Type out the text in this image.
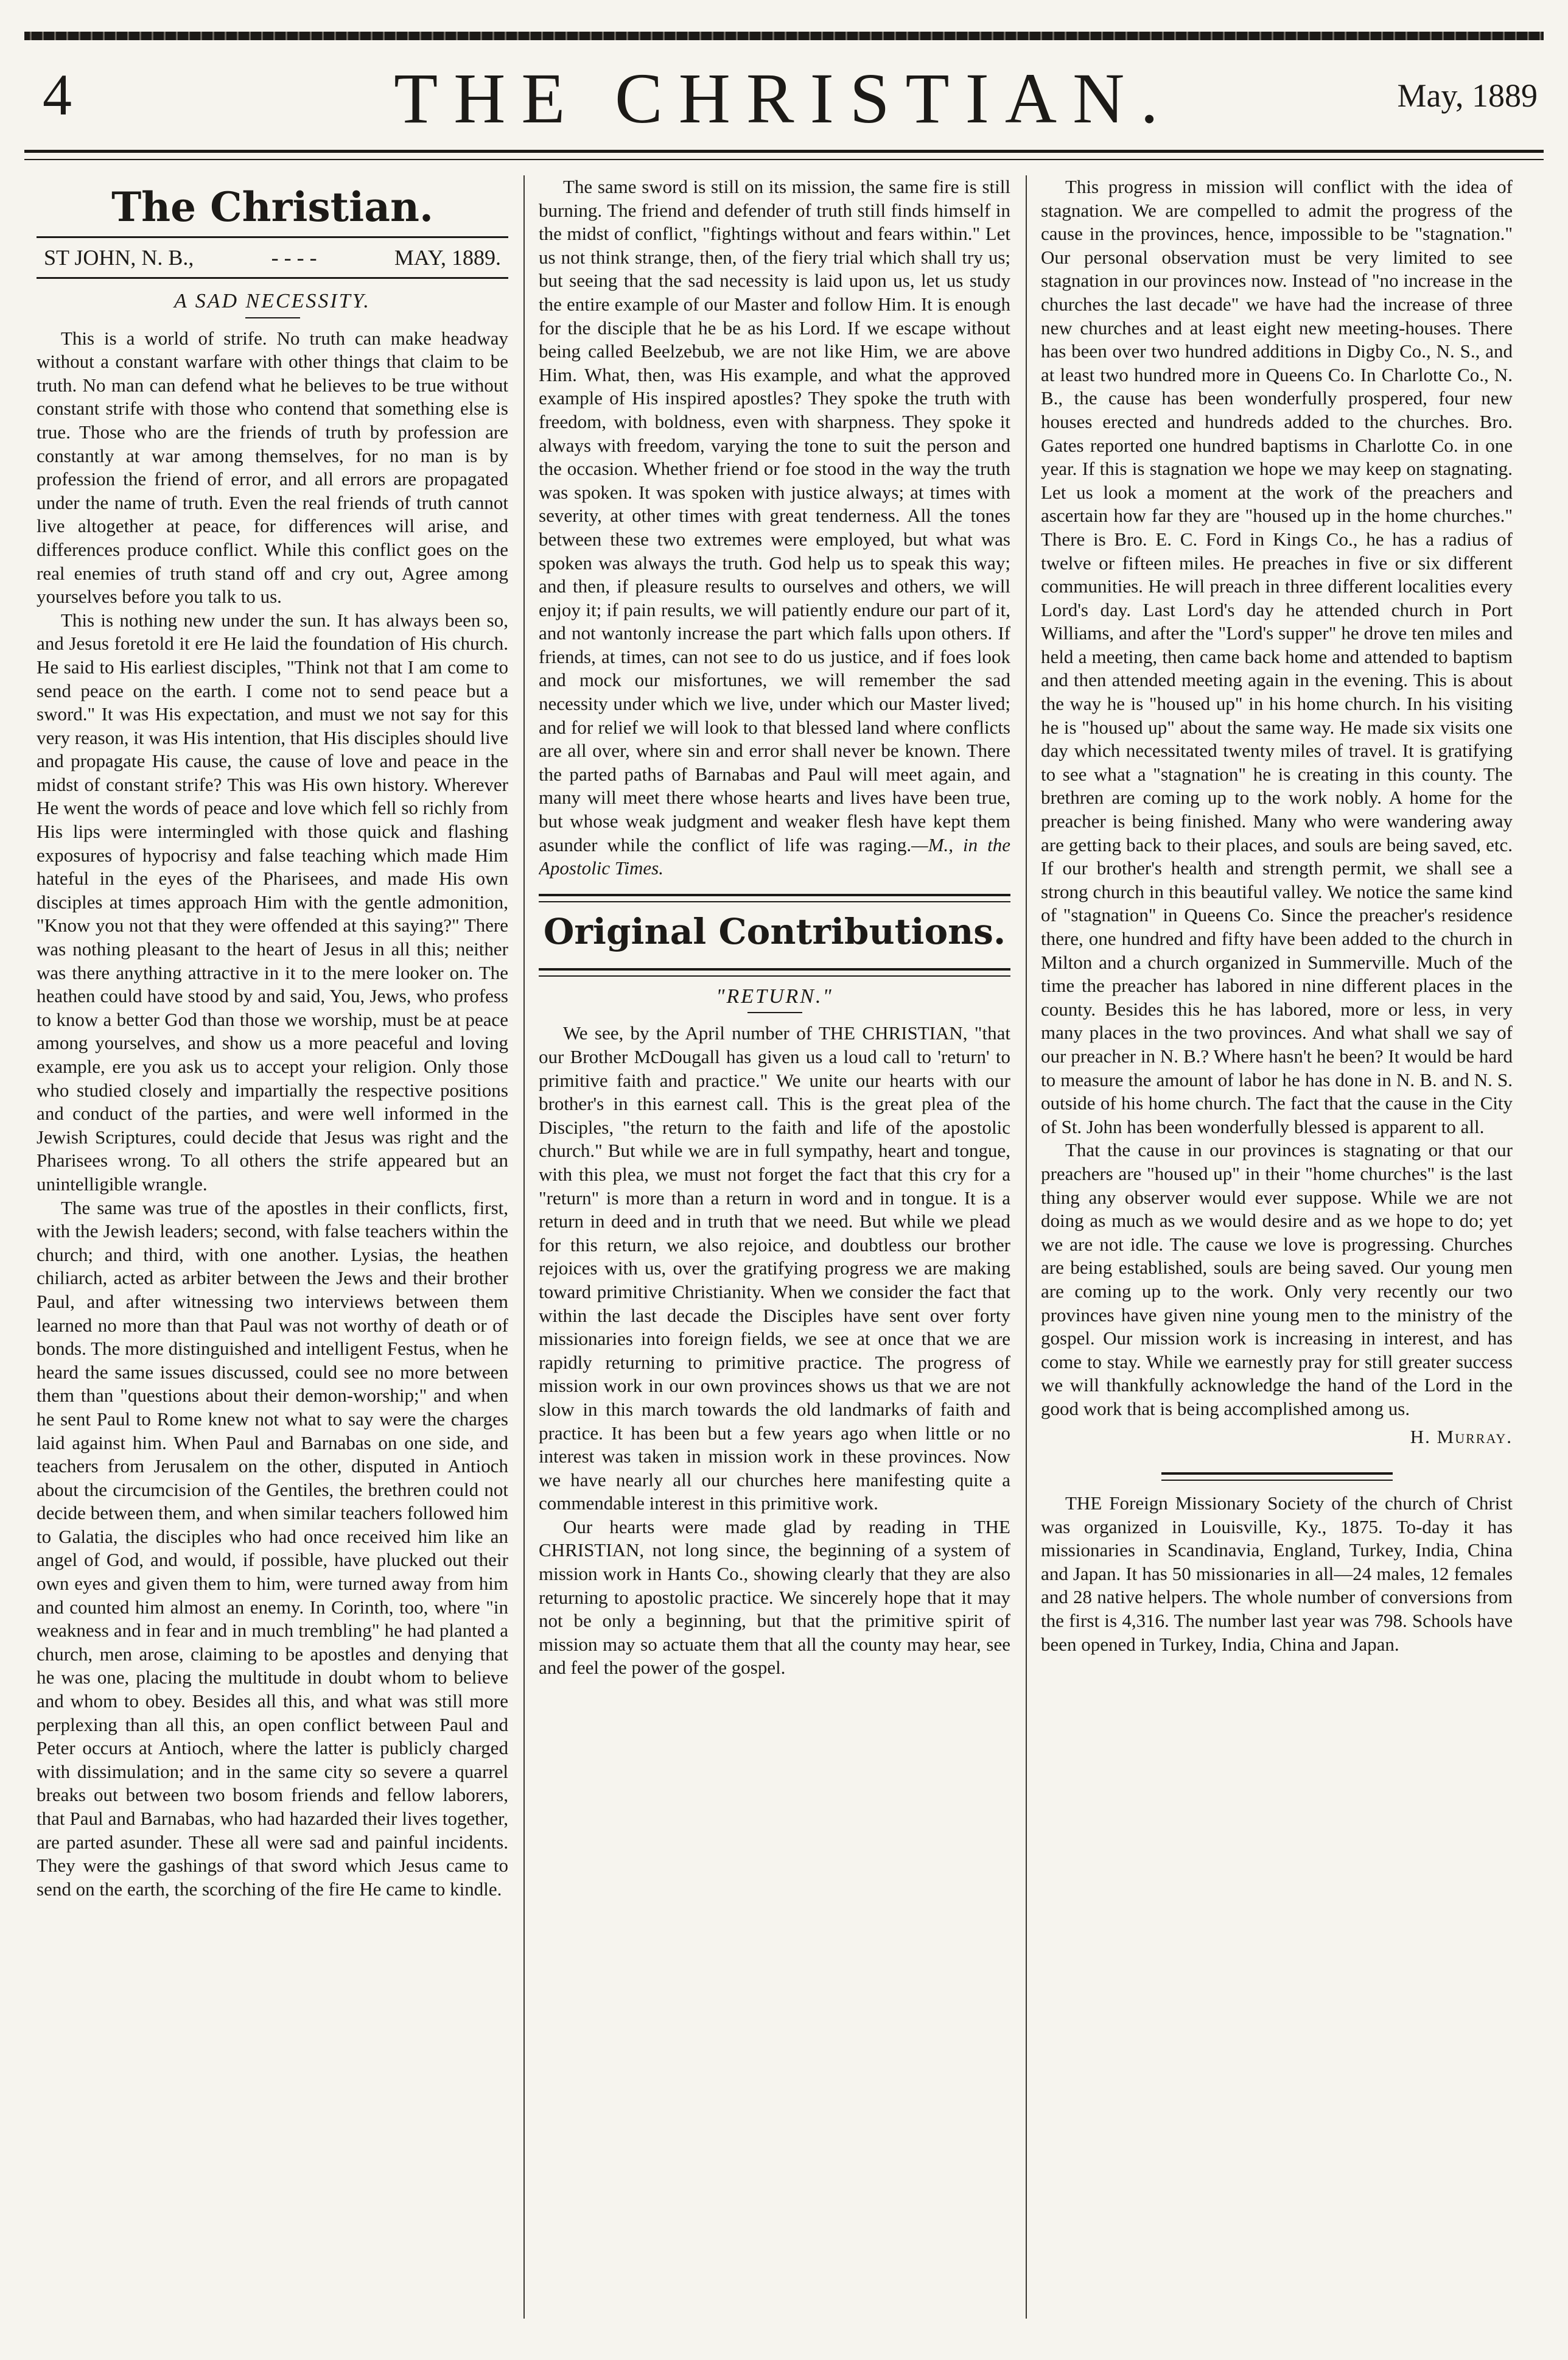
4	THE CHRISTIAN.	May, 1889
The Christian.
ST JOHN, N. B.,	- - - -	MAY, 1889.
A SAD NECESSITY.

This is a world of strife. No truth can make headway without a constant warfare with other things that claim to be truth. No man can defend what he believes to be true without constant strife with those who contend that something else is true. Those who are the friends of truth by profession are constantly at war among themselves, for no man is by profession the friend of error, and all errors are propagated under the name of truth. Even the real friends of truth cannot live altogether at peace, for differences will arise, and differences produce conflict. While this conflict goes on the real enemies of truth stand off and cry out, Agree among yourselves before you talk to us.

This is nothing new under the sun. It has always been so, and Jesus foretold it ere He laid the foundation of His church. He said to His earliest disciples, "Think not that I am come to send peace on the earth. I come not to send peace but a sword." It was His expectation, and must we not say for this very reason, it was His intention, that His disciples should live and propagate His cause, the cause of love and peace in the midst of constant strife? This was His own history. Wherever He went the words of peace and love which fell so richly from His lips were intermingled with those quick and flashing exposures of hypocrisy and false teaching which made Him hateful in the eyes of the Pharisees, and made His own disciples at times approach Him with the gentle admonition, "Know you not that they were offended at this saying?" There was nothing pleasant to the heart of Jesus in all this; neither was there anything attractive in it to the mere looker on. The heathen could have stood by and said, You, Jews, who profess to know a better God than those we worship, must be at peace among yourselves, and show us a more peaceful and loving example, ere you ask us to accept your religion. Only those who studied closely and impartially the respective positions and conduct of the parties, and were well informed in the Jewish Scriptures, could decide that Jesus was right and the Pharisees wrong. To all others the strife appeared but an unintelligible wrangle.

The same was true of the apostles in their conflicts, first, with the Jewish leaders; second, with false teachers within the church; and third, with one another. Lysias, the heathen chiliarch, acted as arbiter between the Jews and their brother Paul, and after witnessing two interviews between them learned no more than that Paul was not worthy of death or of bonds. The more distinguished and intelligent Festus, when he heard the same issues discussed, could see no more between them than "questions about their demon-worship;" and when he sent Paul to Rome knew not what to say were the charges laid against him. When Paul and Barnabas on one side, and teachers from Jerusalem on the other, disputed in Antioch about the circumcision of the Gentiles, the brethren could not decide between them, and when similar teachers followed him to Galatia, the disciples who had once received him like an angel of God, and would, if possible, have plucked out their own eyes and given them to him, were turned away from him and counted him almost an enemy. In Corinth, too, where "in weakness and in fear and in much trembling" he had planted a church, men arose, claiming to be apostles and denying that he was one, placing the multitude in doubt whom to believe and whom to obey. Besides all this, and what was still more perplexing than all this, an open conflict between Paul and Peter occurs at Antioch, where the latter is publicly charged with dissimulation; and in the same city so severe a quarrel breaks out between two bosom friends and fellow laborers, that Paul and Barnabas, who had hazarded their lives together, are parted asunder. These all were sad and painful incidents. They were the gashings of that sword which Jesus came to send on the earth, the scorching of the fire He came to kindle.

The same sword is still on its mission, the same fire is still burning. The friend and defender of truth still finds himself in the midst of conflict, "fightings without and fears within." Let us not think strange, then, of the fiery trial which shall try us; but seeing that the sad necessity is laid upon us, let us study the entire example of our Master and follow Him. It is enough for the disciple that he be as his Lord. If we escape without being called Beelzebub, we are not like Him, we are above Him. What, then, was His example, and what the approved example of His inspired apostles? They spoke the truth with freedom, with boldness, even with sharpness. They spoke it always with freedom, varying the tone to suit the person and the occasion. Whether friend or foe stood in the way the truth was spoken. It was spoken with justice always; at times with severity, at other times with great tenderness. All the tones between these two extremes were employed, but what was spoken was always the truth. God help us to speak this way; and then, if pleasure results to ourselves and others, we will enjoy it; if pain results, we will patiently endure our part of it, and not wantonly increase the part which falls upon others. If friends, at times, can not see to do us justice, and if foes look and mock our misfortunes, we will remember the sad necessity under which we live, under which our Master lived; and for relief we will look to that blessed land where conflicts are all over, where sin and error shall never be known. There the parted paths of Barnabas and Paul will meet again, and many will meet there whose hearts and lives have been true, but whose weak judgment and weaker flesh have kept them asunder while the conflict of life was raging.—M., in the Apostolic Times.

Original Contributions.
"RETURN."

We see, by the April number of THE CHRISTIAN, "that our Brother McDougall has given us a loud call to 'return' to primitive faith and practice." We unite our hearts with our brother's in this earnest call. This is the great plea of the Disciples, "the return to the faith and life of the apostolic church." But while we are in full sympathy, heart and tongue, with this plea, we must not forget the fact that this cry for a "return" is more than a return in word and in tongue. It is a return in deed and in truth that we need. But while we plead for this return, we also rejoice, and doubtless our brother rejoices with us, over the gratifying progress we are making toward primitive Christianity. When we consider the fact that within the last decade the Disciples have sent over forty missionaries into foreign fields, we see at once that we are rapidly returning to primitive practice. The progress of mission work in our own provinces shows us that we are not slow in this march towards the old landmarks of faith and practice. It has been but a few years ago when little or no interest was taken in mission work in these provinces. Now we have nearly all our churches here manifesting quite a commendable interest in this primitive work.

Our hearts were made glad by reading in THE CHRISTIAN, not long since, the beginning of a system of mission work in Hants Co., showing clearly that they are also returning to apostolic practice. We sincerely hope that it may not be only a beginning, but that the primitive spirit of mission may so actuate them that all the county may hear, see and feel the power of the gospel.

This progress in mission will conflict with the idea of stagnation. We are compelled to admit the progress of the cause in the provinces, hence, impossible to be "stagnation." Our personal observation must be very limited to see stagnation in our provinces now. Instead of "no increase in the churches the last decade" we have had the increase of three new churches and at least eight new meeting-houses. There has been over two hundred additions in Digby Co., N. S., and at least two hundred more in Queens Co. In Charlotte Co., N. B., the cause has been wonderfully prospered, four new houses erected and hundreds added to the churches. Bro. Gates reported one hundred baptisms in Charlotte Co. in one year. If this is stagnation we hope we may keep on stagnating. Let us look a moment at the work of the preachers and ascertain how far they are "housed up in the home churches." There is Bro. E. C. Ford in Kings Co., he has a radius of twelve or fifteen miles. He preaches in five or six different communities. He will preach in three different localities every Lord's day. Last Lord's day he attended church in Port Williams, and after the "Lord's supper" he drove ten miles and held a meeting, then came back home and attended to baptism and then attended meeting again in the evening. This is about the way he is "housed up" in his home church. In his visiting he is "housed up" about the same way. He made six visits one day which necessitated twenty miles of travel. It is gratifying to see what a "stagnation" he is creating in this county. The brethren are coming up to the work nobly. A home for the preacher is being finished. Many who were wandering away are getting back to their places, and souls are being saved, etc. If our brother's health and strength permit, we shall see a strong church in this beautiful valley. We notice the same kind of "stagnation" in Queens Co. Since the preacher's residence there, one hundred and fifty have been added to the church in Milton and a church organized in Summerville. Much of the time the preacher has labored in nine different places in the county. Besides this he has labored, more or less, in very many places in the two provinces. And what shall we say of our preacher in N. B.? Where hasn't he been? It would be hard to measure the amount of labor he has done in N. B. and N. S. outside of his home church. The fact that the cause in the City of St. John has been wonderfully blessed is apparent to all.

That the cause in our provinces is stagnating or that our preachers are "housed up" in their "home churches" is the last thing any observer would ever suppose. While we are not doing as much as we would desire and as we hope to do; yet we are not idle. The cause we love is progressing. Churches are being established, souls are being saved. Our young men are coming up to the work. Only very recently our two provinces have given nine young men to the ministry of the gospel. Our mission work is increasing in interest, and has come to stay. While we earnestly pray for still greater success we will thankfully acknowledge the hand of the Lord in the good work that is being accomplished among us.

H. Murray.

THE Foreign Missionary Society of the church of Christ was organized in Louisville, Ky., 1875. To-day it has missionaries in Scandinavia, England, Turkey, India, China and Japan. It has 50 missionaries in all—24 males, 12 females and 28 native helpers. The whole number of conversions from the first is 4,316. The number last year was 798. Schools have been opened in Turkey, India, China and Japan.
